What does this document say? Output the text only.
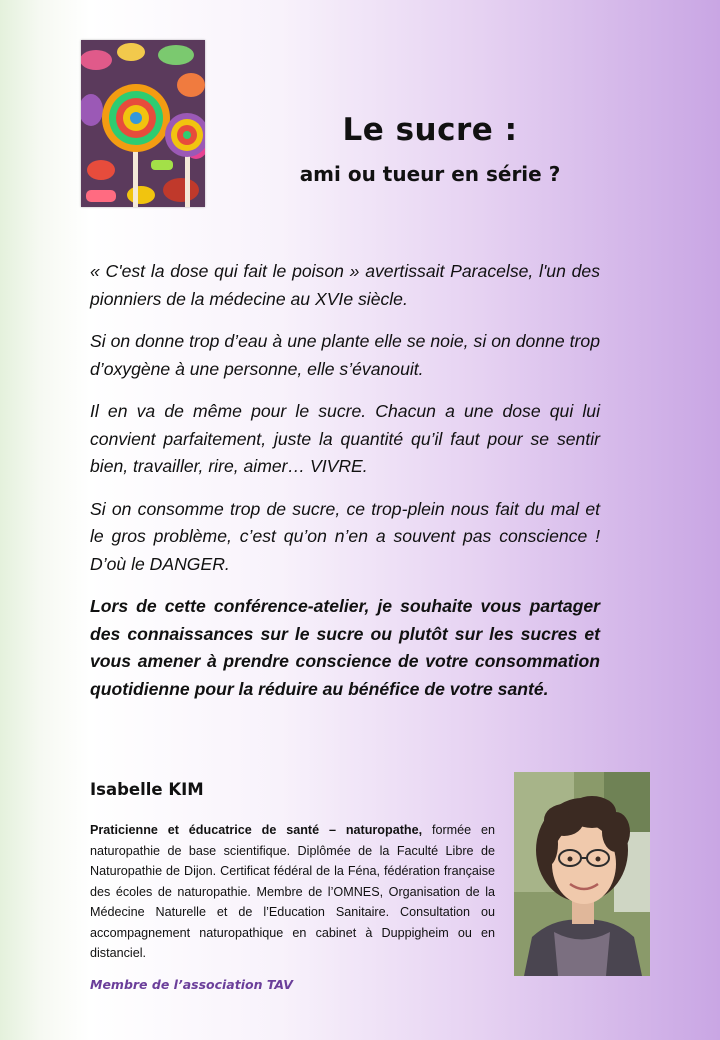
Le sucre :
ami ou tueur en série ?

« C'est la dose qui fait le poison » avertissait Paracelse, l'un des pionniers de la médecine au XVIe siècle.

Si on donne trop d’eau à une plante elle se noie, si on donne trop d’oxygène à une personne, elle s’évanouit.

Il en va de même pour le sucre. Chacun a une dose qui lui convient parfaitement, juste la quantité qu’il faut pour se sentir bien, travailler, rire, aimer… VIVRE.

Si on consomme trop de sucre, ce trop-plein nous fait du mal et le gros problème, c’est qu’on n’en a souvent pas conscience ! D’où le DANGER.

Lors de cette conférence-atelier, je souhaite vous partager des connaissances sur le sucre ou plutôt sur les sucres et vous amener à prendre conscience de votre consommation quotidienne pour la réduire au bénéfice de votre santé.

Isabelle KIM

Praticienne et éducatrice de santé – naturopathe, formée en naturopathie de base scientifique. Diplômée de la Faculté Libre de Naturopathie de Dijon. Certificat fédéral de la Féna, fédération française des écoles de naturopathie. Membre de l’OMNES, Organisation de la Médecine Naturelle et de l’Education Sanitaire. Consultation ou accompagnement naturopathique en cabinet à Duppigheim ou en distanciel.

Membre de l’association TAV
